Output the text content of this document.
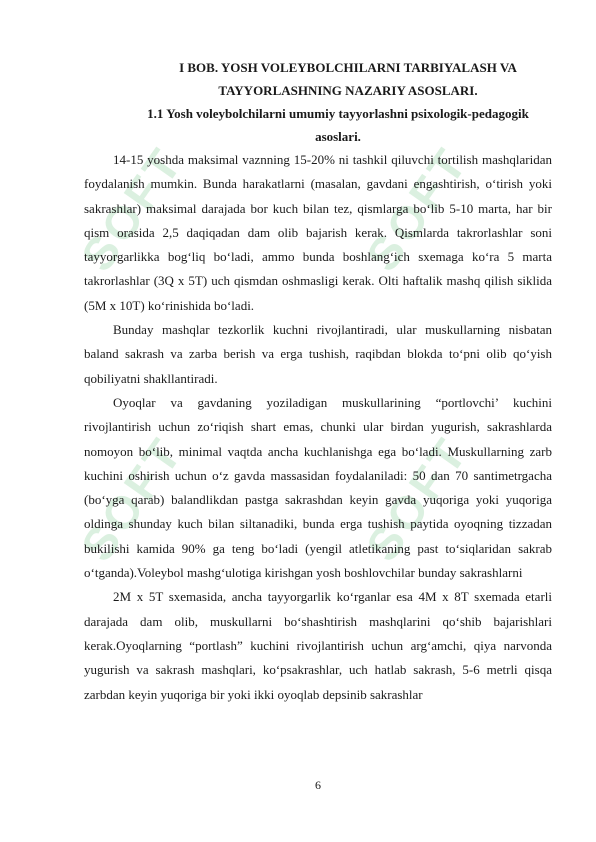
SOFT	SOFT
SOFT	SOFT
I BOB. YOSH VOLEYBOLCHILARNI TARBIYALASH VA
TAYYORLASHNING NAZARIY ASOSLARI.
1.1 Yosh voleybolchilarni umumiy tayyorlashni psixologik-pedagogik
asoslari.

14-15 yoshda maksimal vaznning 15-20% ni tashkil qiluvchi tortilish mashqlaridan foydalanish mumkin. Bunda harakatlarni (masalan, gavdani engashtirish, o‘tirish yoki sakrashlar) maksimal darajada bor kuch bilan tez, qismlarga bo‘lib 5-10 marta, har bir qism orasida 2,5 daqiqadan dam olib bajarish kerak. Qismlarda takrorlashlar soni tayyorgarlikka bog‘liq bo‘ladi, ammo bunda boshlang‘ich sxemaga ko‘ra 5 marta takrorlashlar (3Q x 5T) uch qismdan oshmasligi kerak. Olti haftalik mashq qilish siklida (5M x 10T) ko‘rinishida bo‘ladi.

Bunday mashqlar tezkorlik kuchni rivojlantiradi, ular muskullarning nisbatan baland sakrash va zarba berish va erga tushish, raqibdan blokda to‘pni olib qo‘yish qobiliyatni shakllantiradi.

Oyoqlar va gavdaning yoziladigan muskullarining “portlovchi’ kuchini rivojlantirish uchun zo‘riqish shart emas, chunki ular birdan yugurish, sakrashlarda nomoyon bo‘lib, minimal vaqtda ancha kuchlanishga ega bo‘ladi. Muskullarning zarb kuchini oshirish uchun o‘z gavda massasidan foydalaniladi: 50 dan 70 santimetrgacha (bo‘yga qarab) balandlikdan pastga sakrashdan keyin gavda yuqoriga yoki yuqoriga oldinga shunday kuch bilan siltanadiki, bunda erga tushish paytida oyoqning tizzadan bukilishi kamida 90% ga teng bo‘ladi (yengil atletikaning past to‘siqlaridan sakrab o‘tganda).Voleybol mashg‘ulotiga kirishgan yosh boshlovchilar bunday sakrashlarni

2M x 5T sxemasida, ancha tayyorgarlik ko‘rganlar esa 4M x 8T sxemada etarli darajada dam olib, muskullarni bo‘shashtirish mashqlarini qo‘shib bajarishlari kerak.Oyoqlarning “portlash” kuchini rivojlantirish uchun arg‘amchi, qiya narvonda yugurish va sakrash mashqlari, ko‘psakrashlar, uch hatlab sakrash, 5-6 metrli qisqa zarbdan keyin yuqoriga bir yoki ikki oyoqlab depsinib sakrashlar

6
